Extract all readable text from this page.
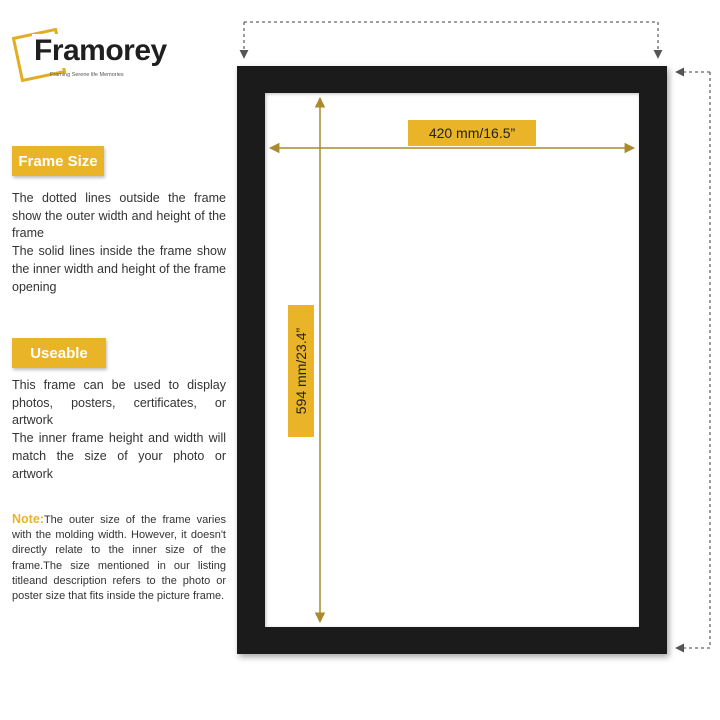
Framorey
Framing Serene life Memories
Frame Size

The dotted lines outside the frame show the outer width and height of the frame

The solid lines inside the frame show the inner width and height of the frame opening

Useable

This frame can be used to display photos, posters, certificates, or artwork

The inner frame height and width will match the size of your photo or artwork

Note:The outer size of the frame varies with the molding width. However, it doesn't directly relate to the inner size of the frame.The size mentioned in our listing titleand description refers to the photo or poster size that fits inside the picture frame.
420 mm/16.5”
594 mm/23.4”
